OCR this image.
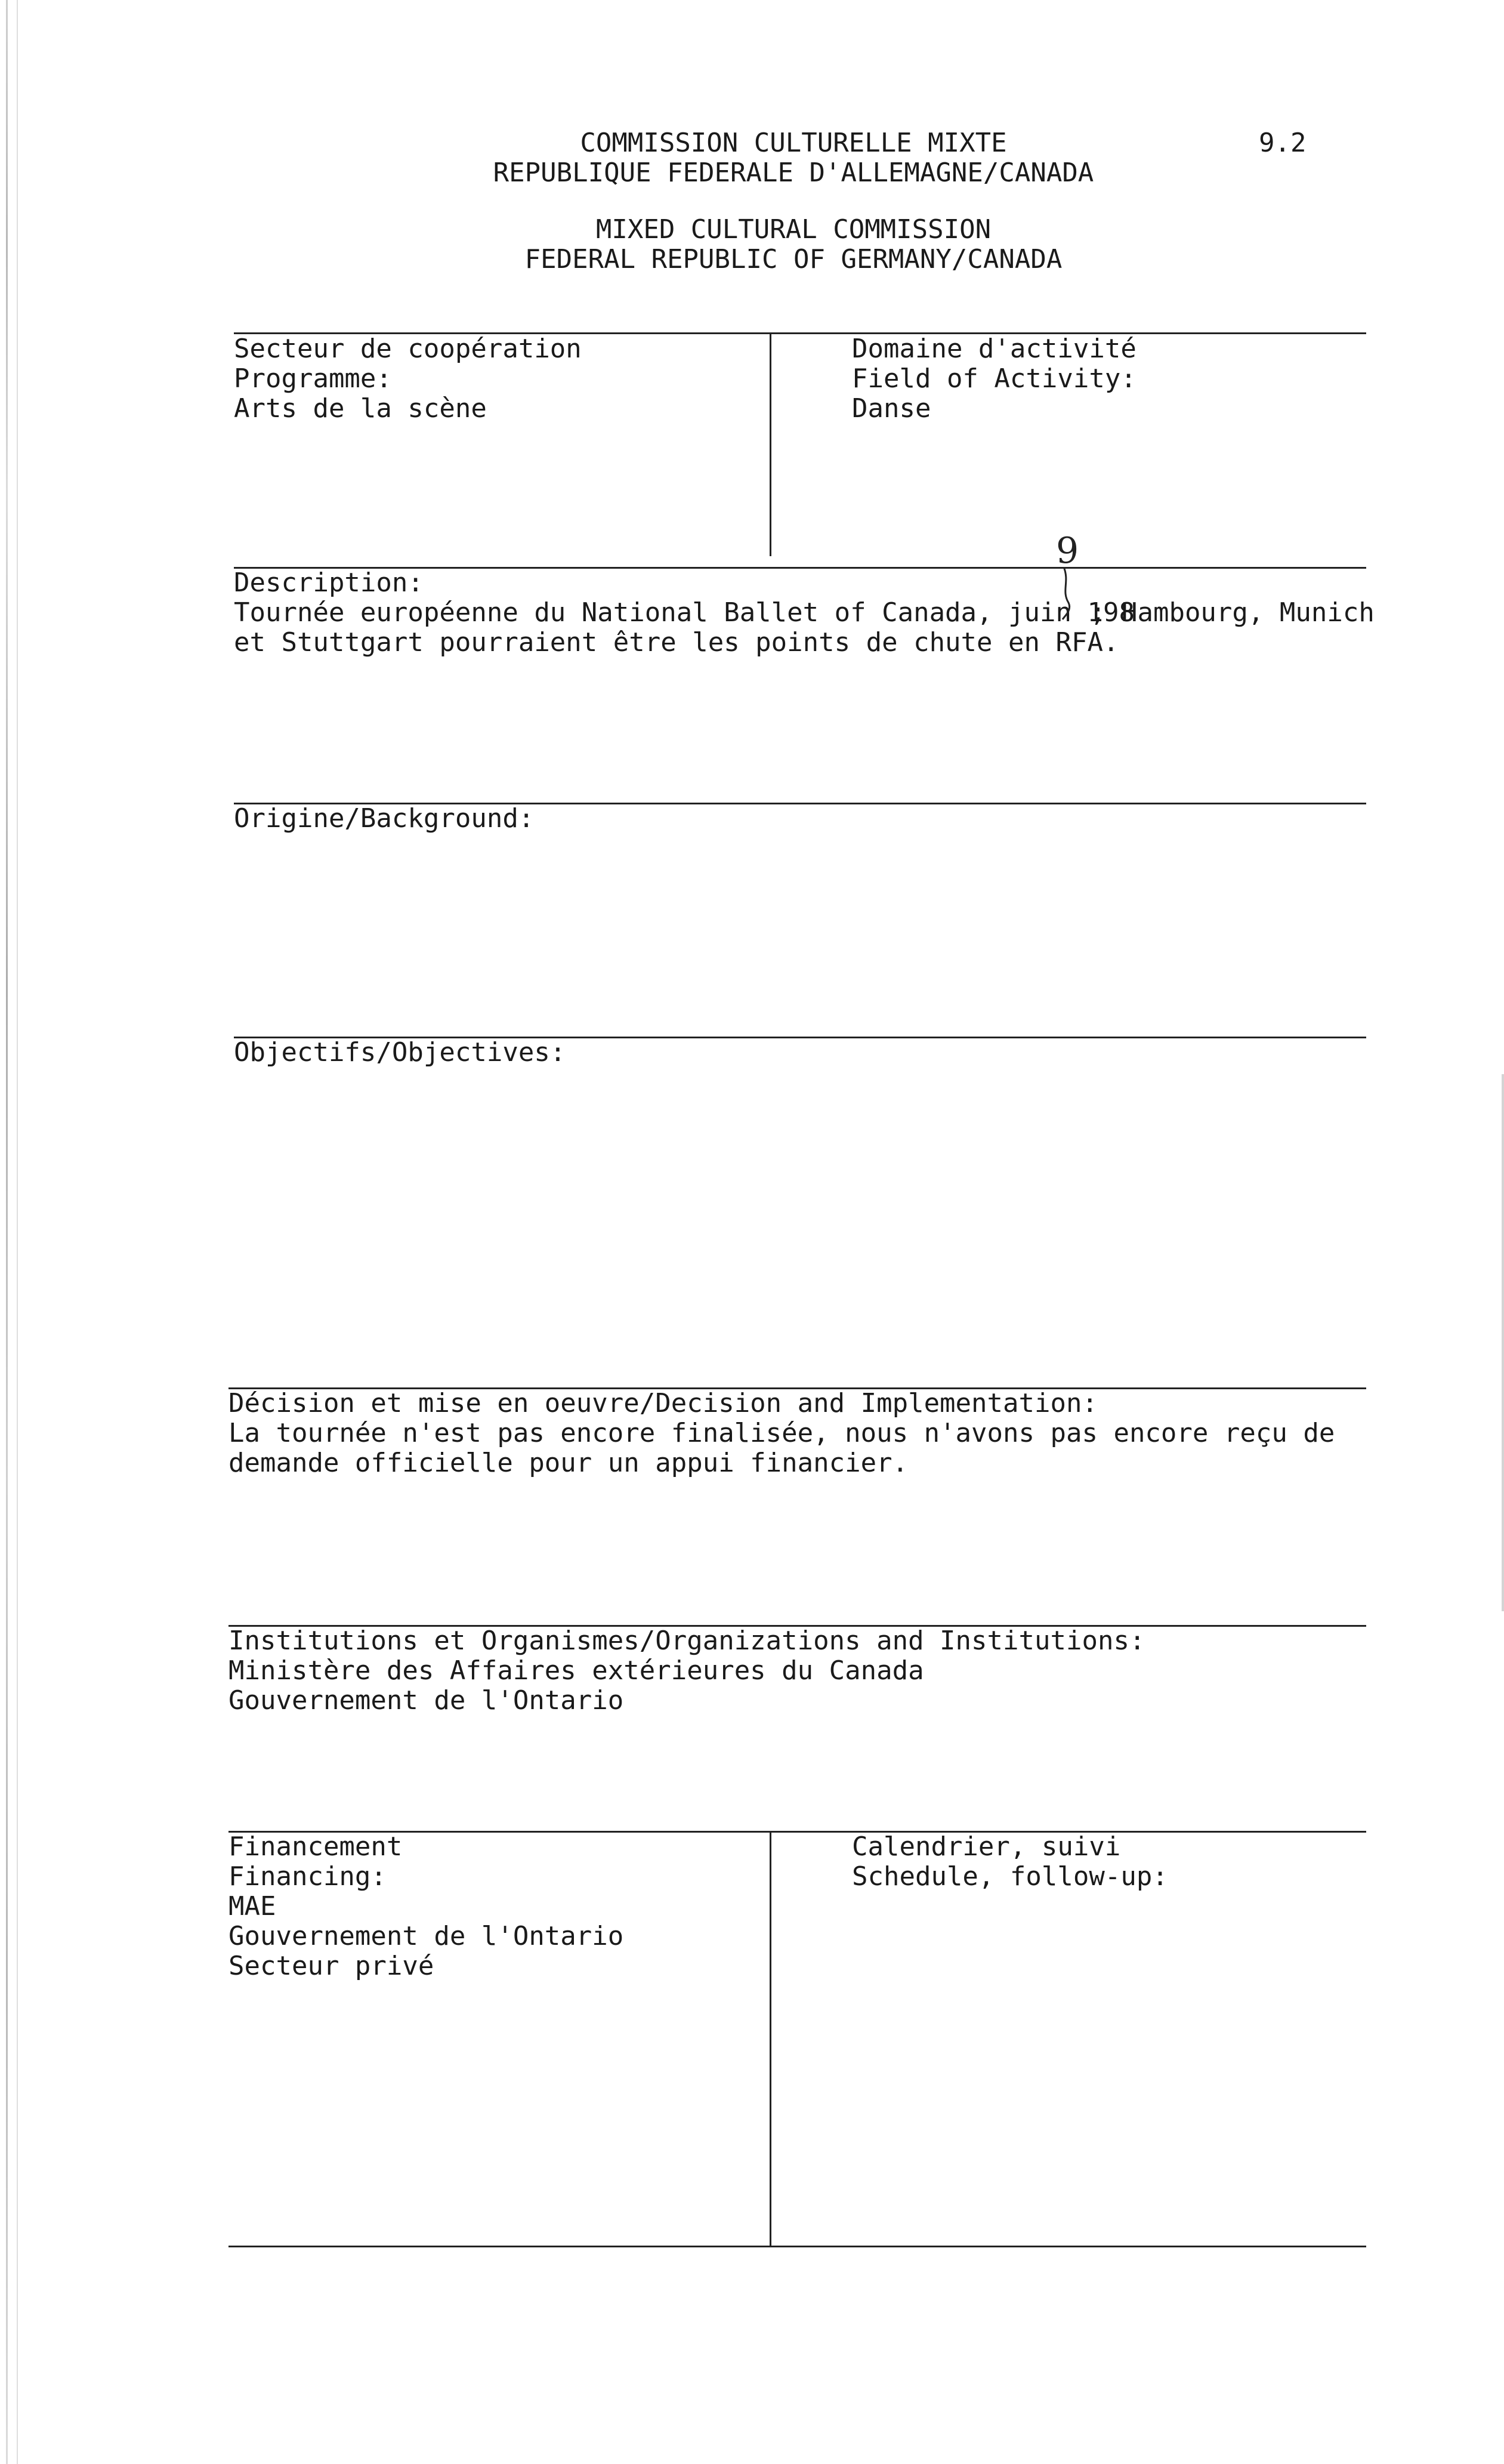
COMMISSION CULTURELLE MIXTE
REPUBLIQUE FEDERALE D'ALLEMAGNE/CANADA
9.2
MIXED CULTURAL COMMISSION
FEDERAL REPUBLIC OF GERMANY/CANADA
Secteur de coopération
Programme:
Arts de la scène
Domaine d'activité
Field of Activity:
Danse
Description:
Tournée européenne du National Ballet of Canada, juin 198
; Hambourg, Munich
et Stuttgart pourraient être les points de chute en RFA.
9
Origine/Background:
Objectifs/Objectives:
Décision et mise en oeuvre/Decision and Implementation:
La tournée n'est pas encore finalisée, nous n'avons pas encore reçu de
demande officielle pour un appui financier.
Institutions et Organismes/Organizations and Institutions:
Ministère des Affaires extérieures du Canada
Gouvernement de l'Ontario
Financement
Financing:
MAE
Gouvernement de l'Ontario
Secteur privé
Calendrier, suivi
Schedule, follow-up:
